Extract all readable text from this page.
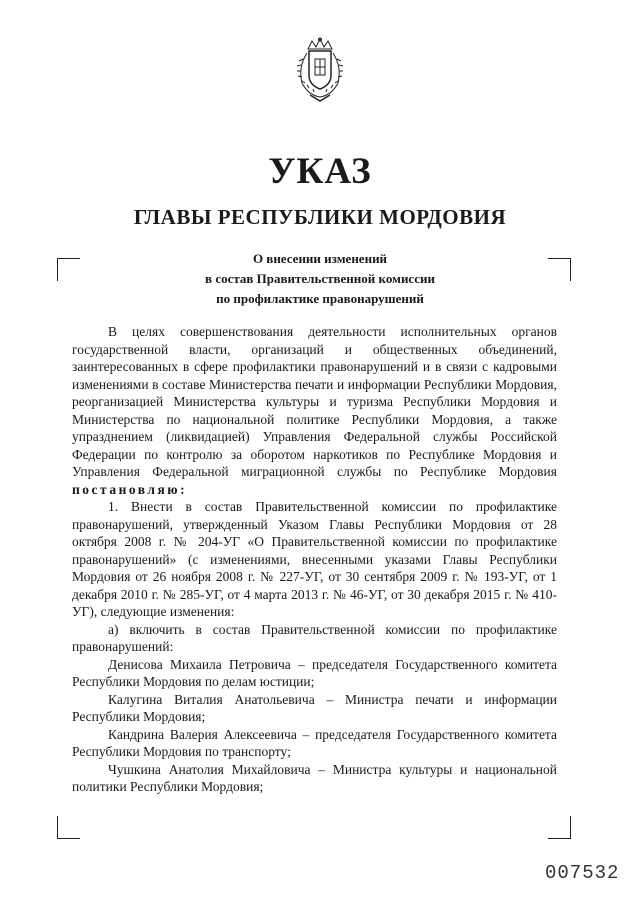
УКАЗ
ГЛАВЫ РЕСПУБЛИКИ МОРДОВИЯ
О внесении изменений
в состав Правительственной комиссии
по профилактике правонарушений

В целях совершенствования деятельности исполнительных органов государственной власти, организаций и общественных объединений, заинтересованных в сфере профилактики правонарушений и в связи с кадровыми изменениями в составе Министерства печати и информации Республики Мордовия, реорганизацией Министерства культуры и туризма Республики Мордовия и Министерства по национальной политике Республики Мордовия, а также упразднением (ликвидацией) Управления Федеральной службы Российской Федерации по контролю за оборотом наркотиков по Республике Мордовия и Управления Федеральной миграционной службы по Республике Мордовия постановляю:

1. Внести в состав Правительственной комиссии по профилактике правонарушений, утвержденный Указом Главы Республики Мордовия от 28 октября 2008 г. № 204-УГ «О Правительственной комиссии по профилактике правонарушений» (с изменениями, внесенными указами Главы Республики Мордовия от 26 ноября 2008 г. № 227-УГ, от 30 сентября 2009 г. № 193-УГ, от 1 декабря 2010 г. № 285-УГ, от 4 марта 2013 г. № 46-УГ, от 30 декабря 2015 г. № 410-УГ), следующие изменения:

а) включить в состав Правительственной комиссии по профилактике правонарушений:

Денисова Михаила Петровича – председателя Государственного комитета Республики Мордовия по делам юстиции;

Калугина Виталия Анатольевича – Министра печати и информации Республики Мордовия;

Кандрина Валерия Алексеевича – председателя Государственного комитета Республики Мордовия по транспорту;

Чушкина Анатолия Михайловича – Министра культуры и национальной политики Республики Мордовия;

007532
